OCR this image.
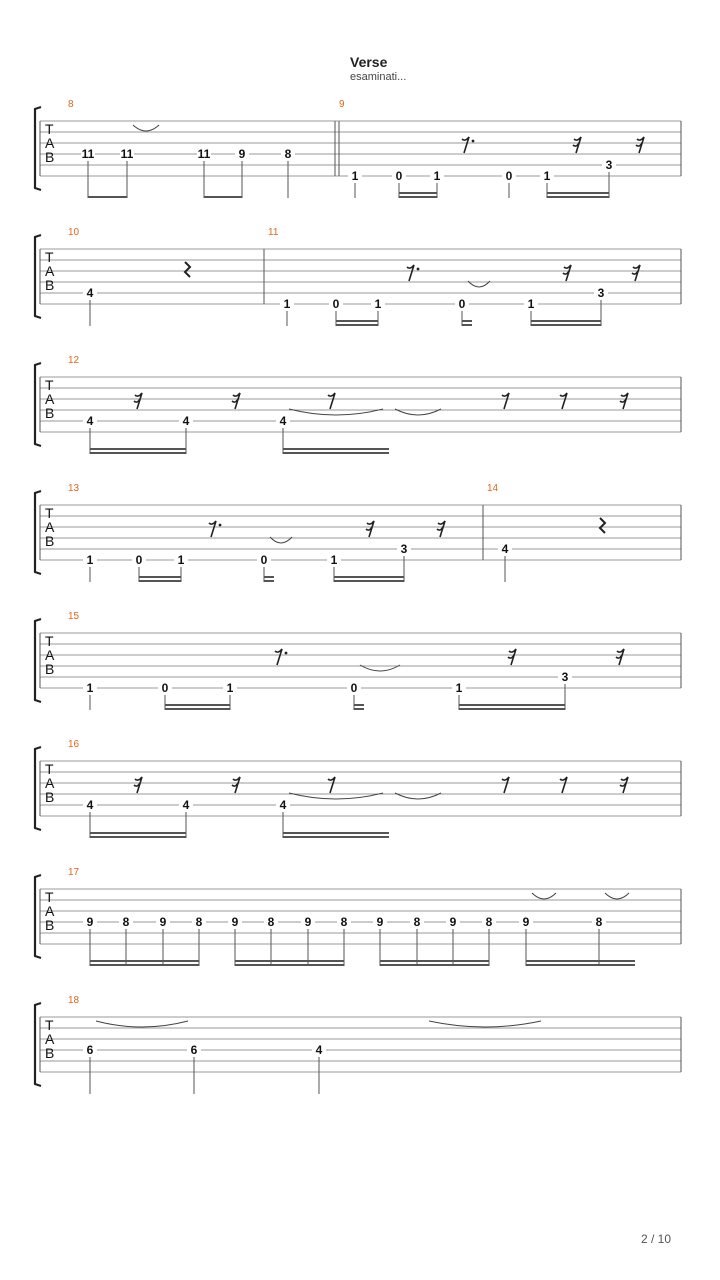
Verse
esaminati...
T
A
B
8	9
11 11	11 9	8
1	0	1	0	1
3
T
A
B
10	11
4
1	0	1	0	1
3
T
A
B
12
4	4	4
T
A
B
13	14
1	0	1	0	1
3	4
T
A
B
15
1	0	1	0	1
3
T
A
B
16
4	4	4
T
A
B
17
9 8	9 8 9 8	9 8 9	8 9 8	9	8
T
A
B
18
6	6	4
2 / 10
